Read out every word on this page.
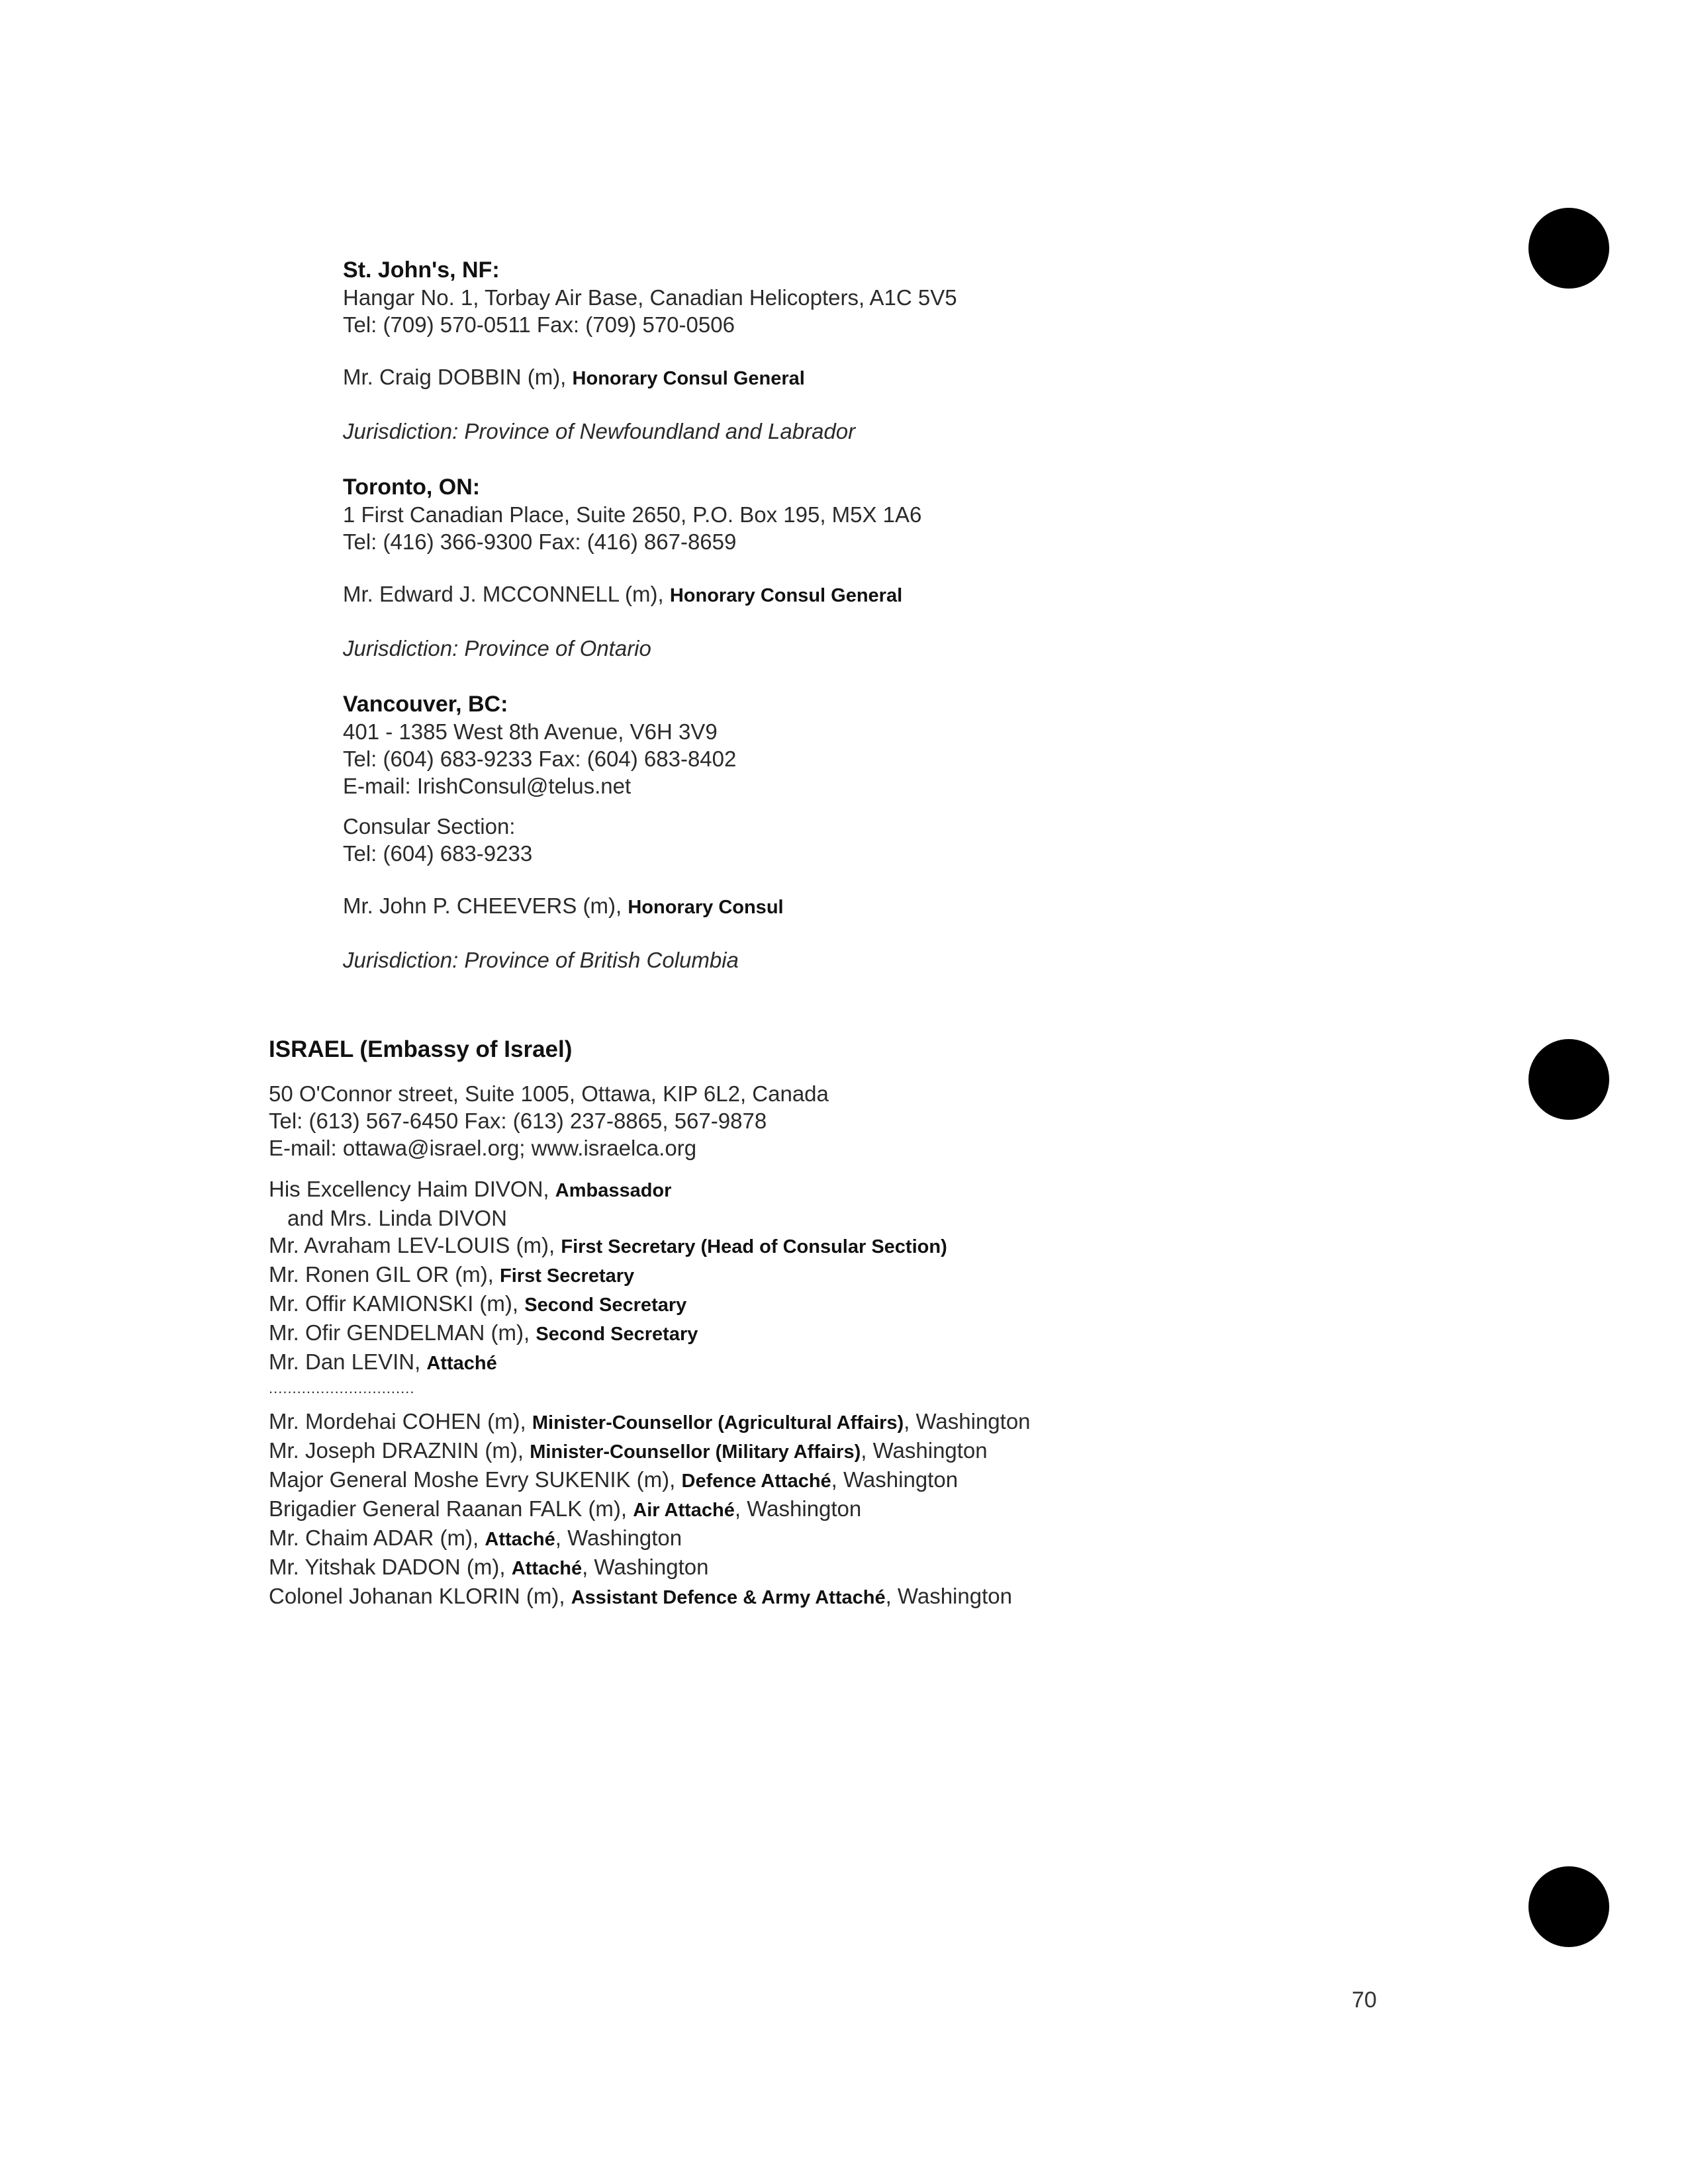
St. John's, NF:

Hangar No. 1, Torbay Air Base, Canadian Helicopters, A1C 5V5

Tel: (709) 570-0511 Fax: (709) 570-0506

Mr. Craig DOBBIN (m), Honorary Consul General

Jurisdiction: Province of Newfoundland and Labrador

Toronto, ON:

1 First Canadian Place, Suite 2650, P.O. Box 195, M5X 1A6

Tel: (416) 366-9300 Fax: (416) 867-8659

Mr. Edward J. MCCONNELL (m), Honorary Consul General

Jurisdiction: Province of Ontario

Vancouver, BC:

401 - 1385 West 8th Avenue, V6H 3V9

Tel: (604) 683-9233 Fax: (604) 683-8402

E-mail: IrishConsul@telus.net

Consular Section:

Tel: (604) 683-9233

Mr. John P. CHEEVERS (m), Honorary Consul

Jurisdiction: Province of British Columbia

ISRAEL (Embassy of Israel)

50 O'Connor street, Suite 1005, Ottawa, KIP 6L2, Canada

Tel: (613) 567-6450 Fax: (613) 237-8865, 567-9878

E-mail: ottawa@israel.org; www.israelca.org

His Excellency Haim DIVON, Ambassador

and Mrs. Linda DIVON

Mr. Avraham LEV-LOUIS (m), First Secretary (Head of Consular Section)

Mr. Ronen GIL OR (m), First Secretary

Mr. Offir KAMIONSKI (m), Second Secretary

Mr. Ofir GENDELMAN (m), Second Secretary

Mr. Dan LEVIN, Attaché

...............................

Mr. Mordehai COHEN (m), Minister-Counsellor (Agricultural Affairs), Washington

Mr. Joseph DRAZNIN (m), Minister-Counsellor (Military Affairs), Washington

Major General Moshe Evry SUKENIK (m), Defence Attaché, Washington

Brigadier General Raanan FALK (m), Air Attaché, Washington

Mr. Chaim ADAR (m), Attaché, Washington

Mr. Yitshak DADON (m), Attaché, Washington

Colonel Johanan KLORIN (m), Assistant Defence & Army Attaché, Washington

70
